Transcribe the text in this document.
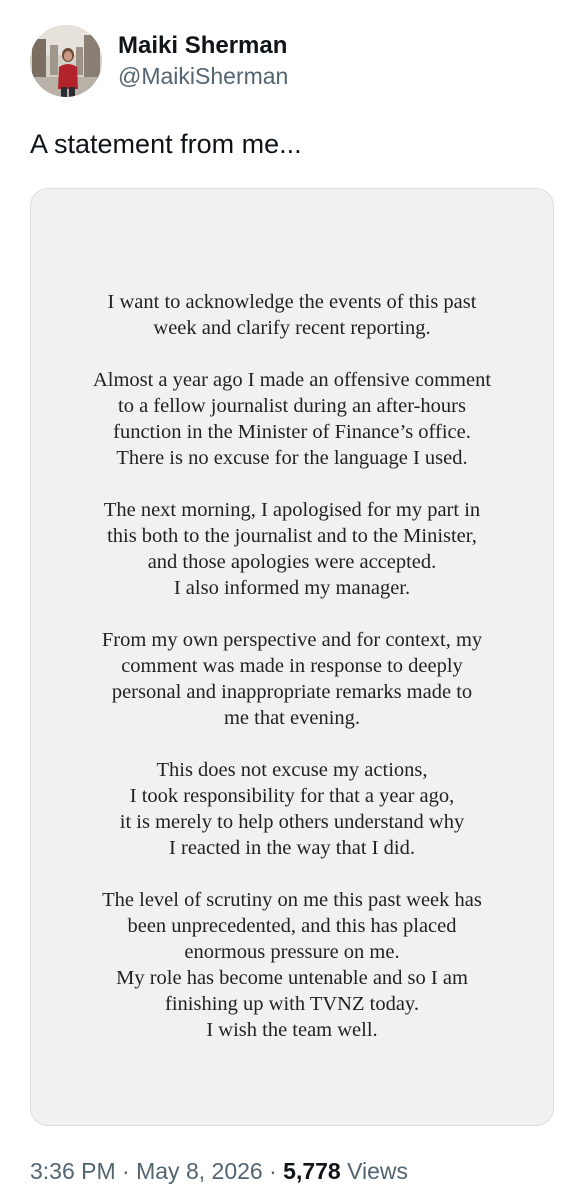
Maiki Sherman
@MaikiSherman
A statement from me...

I want to acknowledge the events of this past
week and clarify recent reporting.

Almost a year ago I made an offensive comment
to a fellow journalist during an after-hours
function in the Minister of Finance’s office.
There is no excuse for the language I used.

The next morning, I apologised for my part in
this both to the journalist and to the Minister,
and those apologies were accepted.
I also informed my manager.

From my own perspective and for context, my
comment was made in response to deeply
personal and inappropriate remarks made to
me that evening.

This does not excuse my actions,
I took responsibility for that a year ago,
it is merely to help others understand why
I reacted in the way that I did.

The level of scrutiny on me this past week has
been unprecedented, and this has placed
enormous pressure on me.
My role has become untenable and so I am
finishing up with TVNZ today.
I wish the team well.

3:36 PM · May 8, 2026 · 5,778 Views
